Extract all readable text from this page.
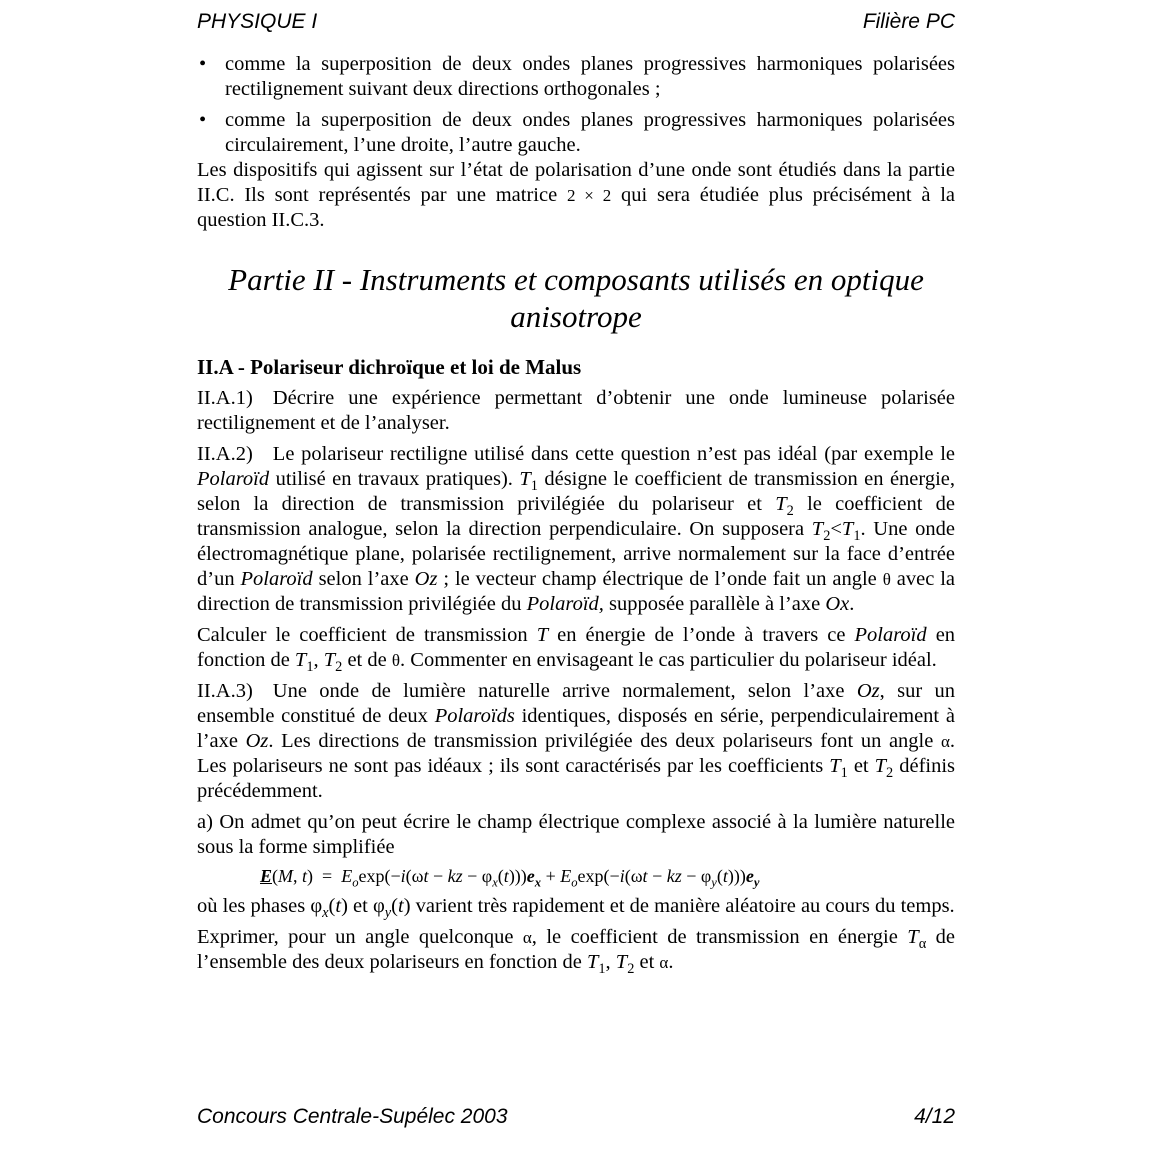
PHYSIQUE I	Filière PC
• comme la superposition de deux ondes planes progressives harmoniques polarisées rectilignement suivant deux directions orthogonales ;
• comme la superposition de deux ondes planes progressives harmoniques polarisées circulairement, l’une droite, l’autre gauche.

Les dispositifs qui agissent sur l’état de polarisation d’une onde sont étudiés dans la partie II.C. Ils sont représentés par une matrice 2 × 2 qui sera étudiée plus précisément à la question II.C.3.

Partie II - Instruments et composants utilisés en optique anisotrope
II.A - Polariseur dichroïque et loi de Malus

II.A.1) Décrire une expérience permettant d’obtenir une onde lumineuse polarisée rectilignement et de l’analyser.

II.A.2) Le polariseur rectiligne utilisé dans cette question n’est pas idéal (par exemple le Polaroïd utilisé en travaux pratiques). $T_1$ désigne le coefficient de transmission en énergie, selon la direction de transmission privilégiée du polariseur et $T_2$ le coefficient de transmission analogue, selon la direction perpendiculaire. On supposera $T_2<T_1$. Une onde électromagnétique plane, polarisée rectilignement, arrive normalement sur la face d’entrée d’un Polaroïd selon l’axe Oz ; le vecteur champ électrique de l’onde fait un angle θ avec la direction de transmission privilégiée du Polaroïd, supposée parallèle à l’axe Ox.

Calculer le coefficient de transmission T en énergie de l’onde à travers ce Polaroïd en fonction de $T_1$, $T_2$ et de θ. Commenter en envisageant le cas particulier du polariseur idéal.

II.A.3) Une onde de lumière naturelle arrive normalement, selon l’axe Oz, sur un ensemble constitué de deux Polaroïds identiques, disposés en série, perpendiculairement à l’axe Oz. Les directions de transmission privilégiée des deux polariseurs font un angle α. Les polariseurs ne sont pas idéaux ; ils sont caractérisés par les coefficients $T_1$ et $T_2$ définis précédemment.

a) On admet qu’on peut écrire le champ électrique complexe associé à la lumière naturelle sous la forme simplifiée

E(M, $t) = E_o\exp(-i(\omega t$ − kz − $\varphi_x(t)))e_x + E_o\exp(-i(\omega t$ − kz − $\varphi_y(t)))e_y$

où les phases $\varphi_x(t)$ et $\varphi_y(t)$ varient très rapidement et de manière aléatoire au cours du temps.

Exprimer, pour un angle quelconque α, le coefficient de transmission en énergie $T_\alpha$ de l’ensemble des deux polariseurs en fonction de $T_1$, $T_2$ et α.

Concours Centrale-Supélec 2003	4/12
